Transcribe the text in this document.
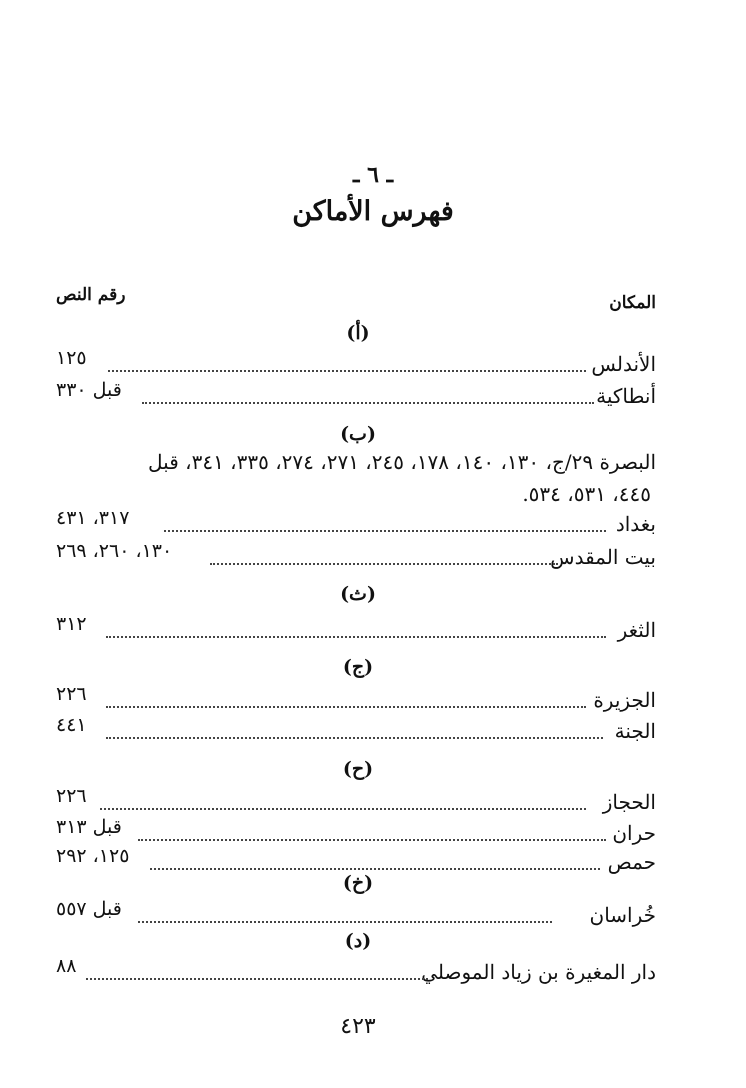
ـ ٦ ـ
فهرس الأماكن
المكان
رقم النص
(أ)
الأندلس
١٢٥
أنطاكية
قبل ٣٣٠
(ب)
البصرة ٢٩/ج، ١٣٠، ١٤٠، ١٧٨، ٢٤٥، ٢٧١، ٢٧٤، ٣٣٥، ٣٤١، قبل
٤٤٥، ٥٣١، ٥٣٤.
بغداد
٣١٧، ٤٣١
بيت المقدس
١٣٠، ٢٦٠، ٢٦٩
(ث)
الثغر
٣١٢
(ج)
الجزيرة
٢٢٦
الجنة
٤٤١
(ح)
الحجاز
٢٢٦
حران
قبل ٣١٣
حمص
١٢٥، ٢٩٢
(خ)
خُراسان
قبل ٥٥٧
(د)
دار المغيرة بن زياد الموصلي
٨٨
٤٢٣
